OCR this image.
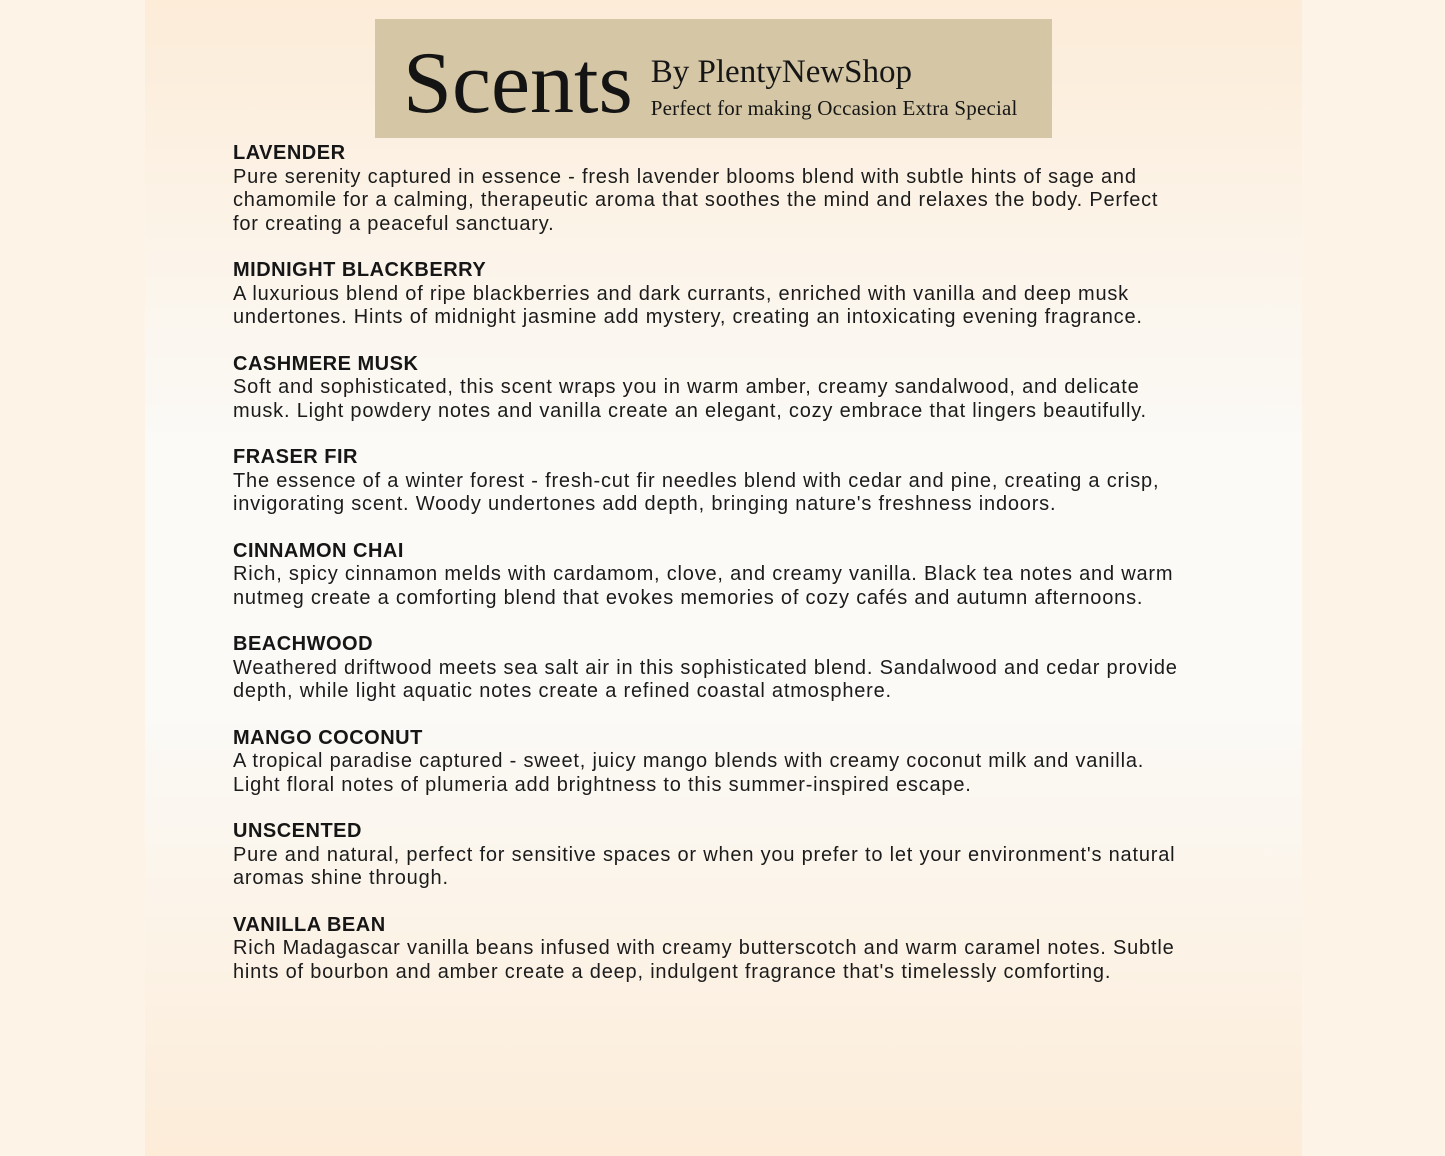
Scents By PlentyNewShop
Perfect for making Occasion Extra Special
LAVENDER

Pure serenity captured in essence - fresh lavender blooms blend with subtle hints of sage and chamomile for a calming, therapeutic aroma that soothes the mind and relaxes the body. Perfect for creating a peaceful sanctuary.

MIDNIGHT BLACKBERRY

A luxurious blend of ripe blackberries and dark currants, enriched with vanilla and deep musk undertones. Hints of midnight jasmine add mystery, creating an intoxicating evening fragrance.

CASHMERE MUSK

Soft and sophisticated, this scent wraps you in warm amber, creamy sandalwood, and delicate musk. Light powdery notes and vanilla create an elegant, cozy embrace that lingers beautifully.

FRASER FIR

The essence of a winter forest - fresh-cut fir needles blend with cedar and pine, creating a crisp, invigorating scent. Woody undertones add depth, bringing nature's freshness indoors.

CINNAMON CHAI

Rich, spicy cinnamon melds with cardamom, clove, and creamy vanilla. Black tea notes and warm nutmeg create a comforting blend that evokes memories of cozy cafés and autumn afternoons.

BEACHWOOD

Weathered driftwood meets sea salt air in this sophisticated blend. Sandalwood and cedar provide depth, while light aquatic notes create a refined coastal atmosphere.

MANGO COCONUT

A tropical paradise captured - sweet, juicy mango blends with creamy coconut milk and vanilla. Light floral notes of plumeria add brightness to this summer-inspired escape.

UNSCENTED

Pure and natural, perfect for sensitive spaces or when you prefer to let your environment's natural aromas shine through.

VANILLA BEAN

Rich Madagascar vanilla beans infused with creamy butterscotch and warm caramel notes. Subtle hints of bourbon and amber create a deep, indulgent fragrance that's timelessly comforting.
